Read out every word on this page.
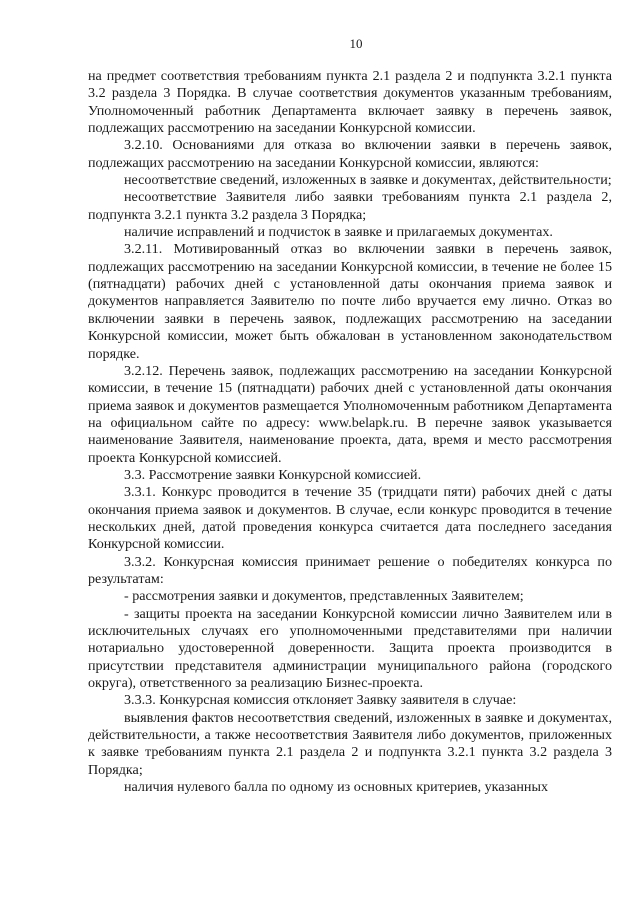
10

на предмет соответствия требованиям пункта 2.1 раздела 2 и подпункта 3.2.1 пункта 3.2 раздела 3 Порядка. В случае соответствия документов указанным требованиям, Уполномоченный работник Департамента включает заявку в перечень заявок, подлежащих рассмотрению на заседании Конкурсной комиссии.

3.2.10. Основаниями для отказа во включении заявки в перечень заявок, подлежащих рассмотрению на заседании Конкурсной комиссии, являются:

несоответствие сведений, изложенных в заявке и документах, действительности;

несоответствие Заявителя либо заявки требованиям пункта 2.1 раздела 2, подпункта 3.2.1 пункта 3.2 раздела 3 Порядка;

наличие исправлений и подчисток в заявке и прилагаемых документах.

3.2.11. Мотивированный отказ во включении заявки в перечень заявок, подлежащих рассмотрению на заседании Конкурсной комиссии, в течение не более 15 (пятнадцати) рабочих дней с установленной даты окончания приема заявок и документов направляется Заявителю по почте либо вручается ему лично. Отказ во включении заявки в перечень заявок, подлежащих рассмотрению на заседании Конкурсной комиссии, может быть обжалован в установленном законодательством порядке.

3.2.12. Перечень заявок, подлежащих рассмотрению на заседании Конкурсной комиссии, в течение 15 (пятнадцати) рабочих дней с установленной даты окончания приема заявок и документов размещается Уполномоченным работником Департамента на официальном сайте по адресу: www.belapk.ru. В перечне заявок указывается наименование Заявителя, наименование проекта, дата, время и место рассмотрения проекта Конкурсной комиссией.

3.3. Рассмотрение заявки Конкурсной комиссией.

3.3.1. Конкурс проводится в течение 35 (тридцати пяти) рабочих дней с даты окончания приема заявок и документов. В случае, если конкурс проводится в течение нескольких дней, датой проведения конкурса считается дата последнего заседания Конкурсной комиссии.

3.3.2. Конкурсная комиссия принимает решение о победителях конкурса по результатам:

- рассмотрения заявки и документов, представленных Заявителем;

- защиты проекта на заседании Конкурсной комиссии лично Заявителем или в исключительных случаях его уполномоченными представителями при наличии нотариально удостоверенной доверенности. Защита проекта производится в присутствии представителя администрации муниципального района (городского округа), ответственного за реализацию Бизнес-проекта.

3.3.3. Конкурсная комиссия отклоняет Заявку заявителя в случае:

выявления фактов несоответствия сведений, изложенных в заявке и документах, действительности, а также несоответствия Заявителя либо документов, приложенных к заявке требованиям пункта 2.1 раздела 2 и подпункта 3.2.1 пункта 3.2 раздела 3 Порядка;

наличия нулевого балла по одному из основных критериев, указанных
